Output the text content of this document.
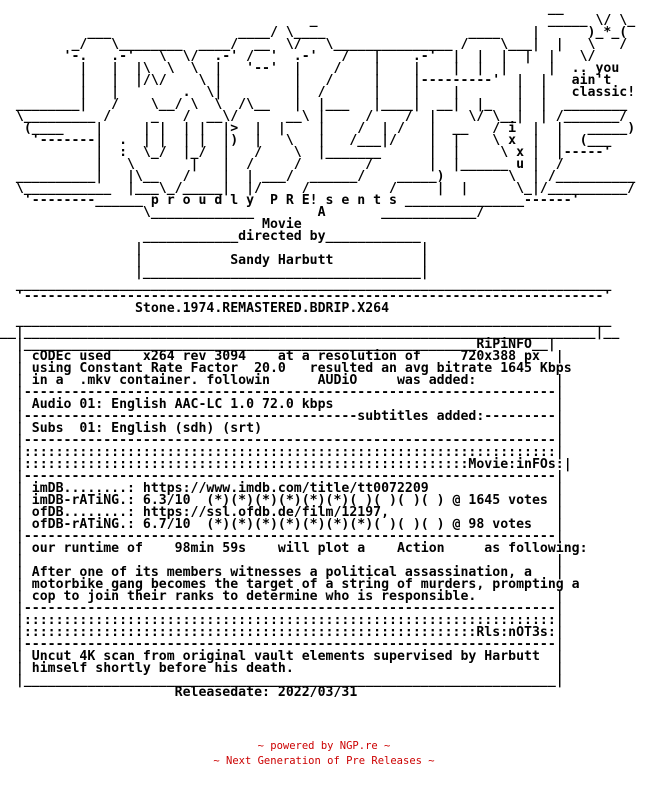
__
_                             _____ \/ \_
___                ____/ \____                  ____    |      )_*_(
_/   \________  ____/  __  \/   \_______________ /    \___|  |   \   /
'-.   .-'   \  \/  .-' /  '  .-'   /   |    .-'  |  |  |  |  |   \/
|   |  |\  \  \  |   '--'  |    /    |    |    |  |  |     |  .. you
|   |  |/\/    \ |         |   /     |    |---------'  |  |   ain't
|   |        .  \|         |  /      |    |    |       |  |   classic!
________|   /    \__/ \  \  /\__   |  |___   |____|  __|  |_   |  |  ________
\_________ /     _   /  __\/      __\ |     /    /  |    \/ \__|  | /_______/
(____    |     | |  | |  |>  |  |    |    /  | /   |  __   / i  |  |   _____)
'-------|  .  | |  | |  |)  |   \   |   /___|/    |  |    \ x  |  |  (___
|  :  \_/  |_/  |   /    \  |_______      |  |     \ x |  |-----'
|   \       |   |  /     /        /       |  |______ u |  /
__________|   |\__   /    |  | ___/  ______/    _____)        \  | /__________
\___________  |___\_/_____|  |/     /          /     |  |      \_|/__________/
'--------______ p r o u d l y  P R E! s e n t s _______________------'
\_____________        A       ____________/
Movie
____________directed by____________
|                                   |
|           Sandy Harbutt           |
|___________________________________|
___________________________________________________________________________
'-------------------------------------------------------------------------'
Stone.1974.REMASTERED.BDRIP.X264
___________________________________________________________________________
__|________________________________________________________________________|__
|_________________________________________________________RiPiNFO__|
| cODEc used    x264 rev 3094    at a resolution of     720x388 px  |
| using Constant Rate Factor  20.0   resulted an avg bitrate 1645 Kbps
| in a  .mkv container. followin      AUDiO     was added:          |
|-------------------------------------------------------------------|
| Audio 01: English AAC-LC 1.0 72.0 kbps                            |
|------------------------------------------subtitles added:---------|
| Subs  01: English (sdh) (srt)                                     |
|-------------------------------------------------------------------|
|:::::::::::::::::::::::::::::::::::::::::::::::::::::::::::::::::::|
|::::::::::::::::::::::::::::::::::::::::::::::::::::::::Movie:inFOs:|
|-------------------------------------------------------------------|
| imDB........: https://www.imdb.com/title/tt0072209                |
| imDB-rATiNG.: 6.3/10  (*)(*)(*)(*)(*)(*)( )( )( )( ) @ 1645 votes |
| ofDB........: https://ssl.ofdb.de/film/12197,                     |
| ofDB-rATiNG.: 6.7/10  (*)(*)(*)(*)(*)(*)(*)( )( )( ) @ 98 votes   |
|-------------------------------------------------------------------|
| our runtime of    98min 59s    will plot a    Action     as following:
|                                                                   |
| After one of its members witnesses a political assassination, a   |
| motorbike gang becomes the target of a string of murders, prompting a
| cop to join their ranks to determine who is responsible.          |
|-------------------------------------------------------------------|
|:::::::::::::::::::::::::::::::::::::::::::::::::::::::::::::::::::|
|:::::::::::::::::::::::::::::::::::::::::::::::::::::::::Rls:nOT3s:|
|-------------------------------------------------------------------|
| Uncut 4K scan from original vault elements supervised by Harbutt  |
| himself shortly before his death.                                 |
|___________________________________________________________________|
Releasedate: 2022/03/31
~ powered by NGP.re ~
~ Next Generation of Pre Releases ~
